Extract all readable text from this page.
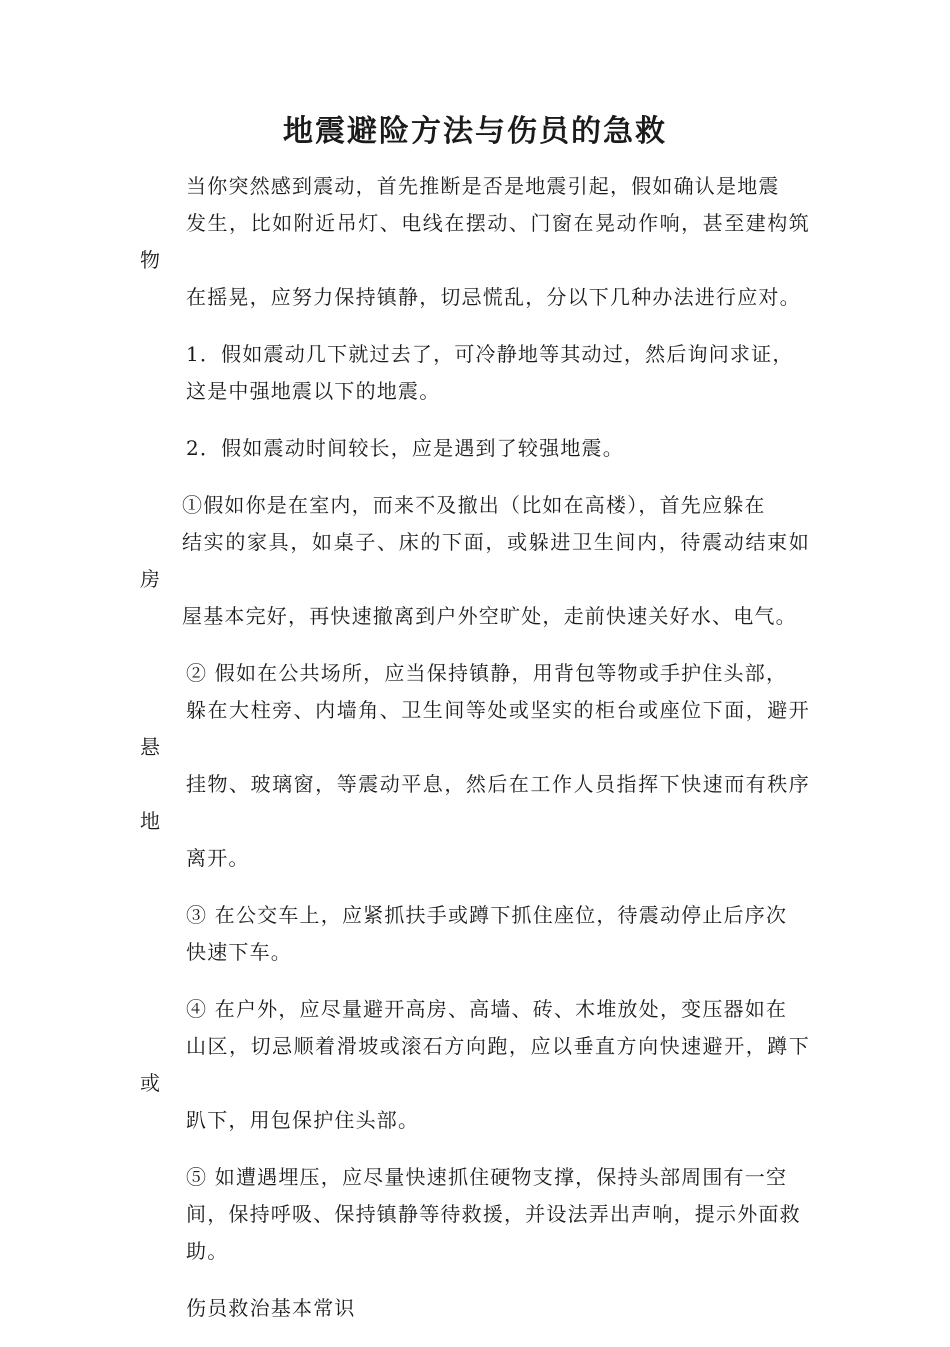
地震避险方法与伤员的急救

当你突然感到震动，首先推断是否是地震引起，假如确认是地震
发生，比如附近吊灯、电线在摆动、门窗在晃动作响，甚至建构筑物
在摇晃，应努力保持镇静，切忌慌乱，分以下几种办法进行应对。

1．假如震动几下就过去了，可冷静地等其动过，然后询问求证，
这是中强地震以下的地震。

2．假如震动时间较长，应是遇到了较强地震。

①假如你是在室内，而来不及撤出（比如在高楼），首先应躲在
结实的家具，如桌子、床的下面，或躲进卫生间内，待震动结束如房
屋基本完好，再快速撤离到户外空旷处，走前快速关好水、电气。

② 假如在公共场所，应当保持镇静，用背包等物或手护住头部，
躲在大柱旁、内墙角、卫生间等处或坚实的柜台或座位下面，避开悬
挂物、玻璃窗，等震动平息，然后在工作人员指挥下快速而有秩序地
离开。

③ 在公交车上，应紧抓扶手或蹲下抓住座位，待震动停止后序次
快速下车。

④ 在户外，应尽量避开高房、高墙、砖、木堆放处，变压器如在
山区，切忌顺着滑坡或滚石方向跑，应以垂直方向快速避开，蹲下或
趴下，用包保护住头部。

⑤ 如遭遇埋压，应尽量快速抓住硬物支撑，保持头部周围有一空
间，保持呼吸、保持镇静等待救援，并设法弄出声响，提示外面救
助。

伤员救治基本常识
